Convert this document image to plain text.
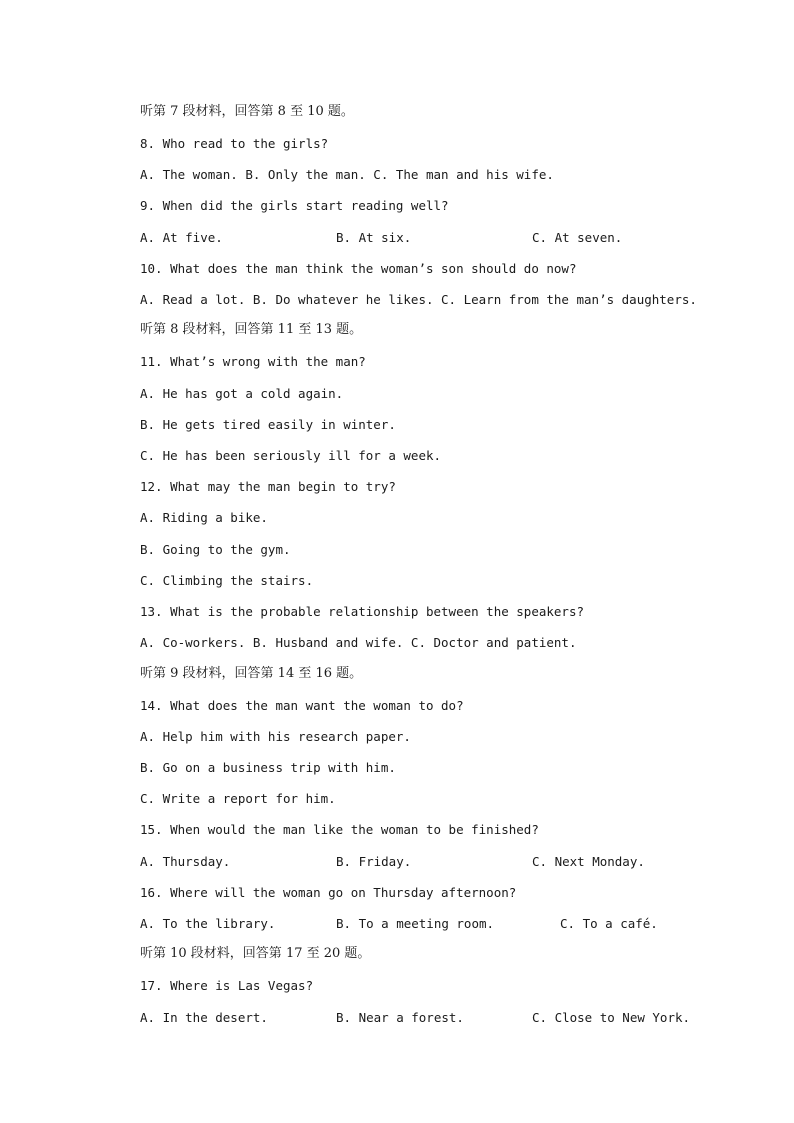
听第 7 段材料，回答第 8 至 10 题。
8. Who read to the girls?
A. The woman. B. Only the man. C. The man and his wife.
9. When did the girls start reading well?
A. At five.	B. At six.	C. At seven.
10. What does the man think the woman’s son should do now?
A. Read a lot. B. Do whatever he likes. C. Learn from the man’s daughters.
听第 8 段材料，回答第 11 至 13 题。
11. What’s wrong with the man?
A. He has got a cold again.
B. He gets tired easily in winter.
C. He has been seriously ill for a week.
12. What may the man begin to try?
A. Riding a bike.
B. Going to the gym.
C. Climbing the stairs.
13. What is the probable relationship between the speakers?
A. Co-workers. B. Husband and wife. C. Doctor and patient.
听第 9 段材料，回答第 14 至 16 题。
14. What does the man want the woman to do?
A. Help him with his research paper.
B. Go on a business trip with him.
C. Write a report for him.
15. When would the man like the woman to be finished?
A. Thursday.	B. Friday.	C. Next Monday.
16. Where will the woman go on Thursday afternoon?
A. To the library.	B. To a meeting room.	C. To a café.
听第 10 段材料，回答第 17 至 20 题。
17. Where is Las Vegas?
A. In the desert.	B. Near a forest.	C. Close to New York.
